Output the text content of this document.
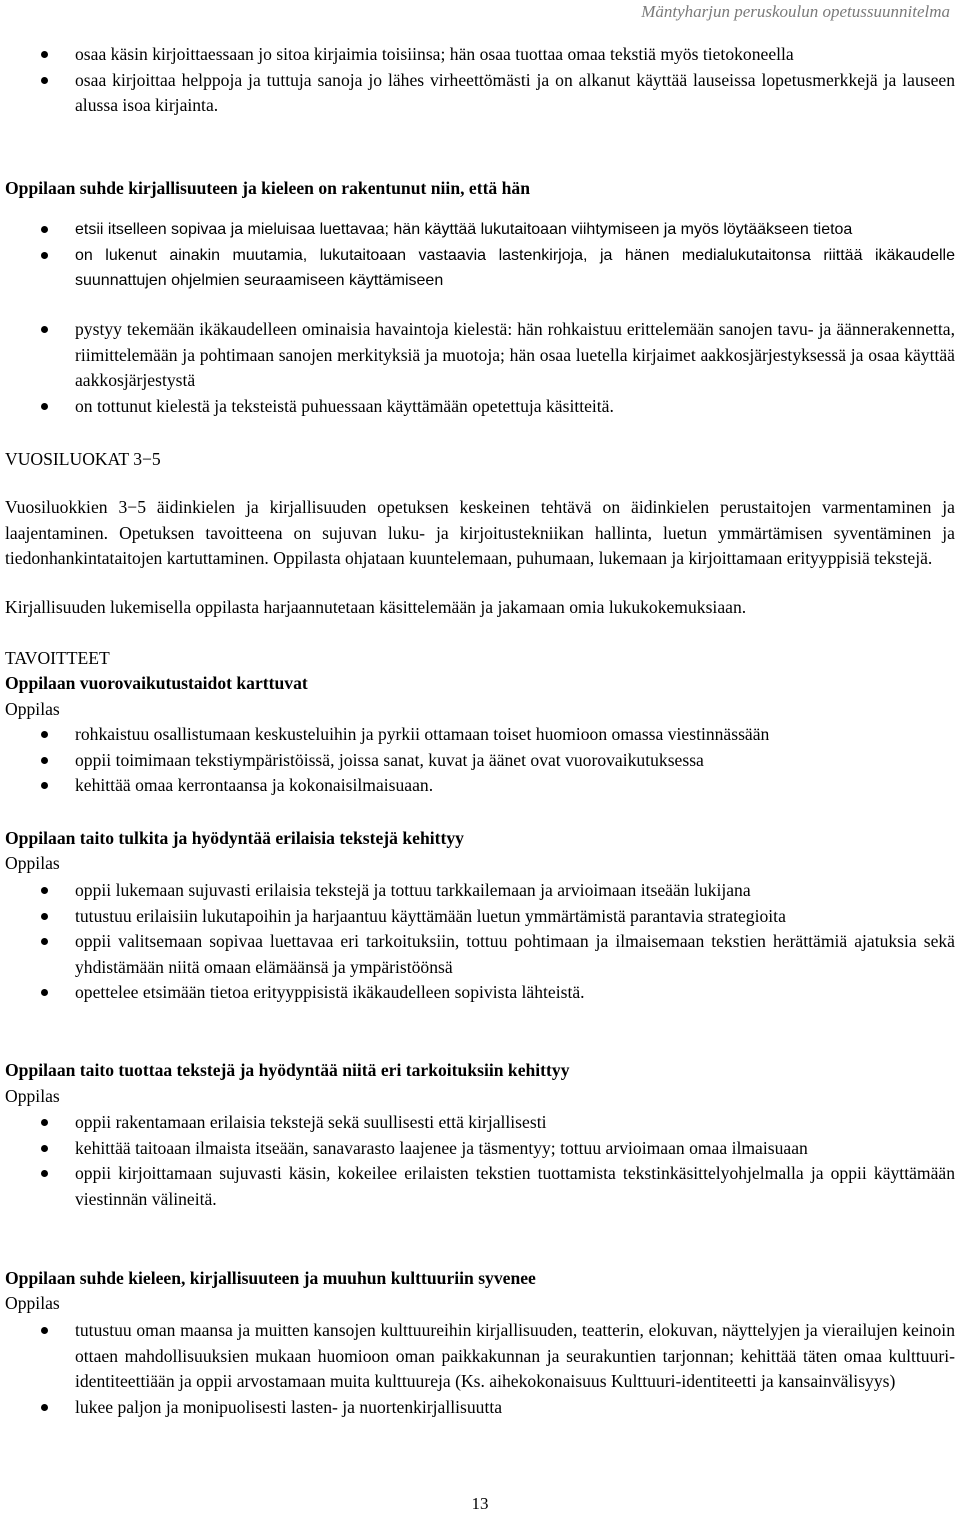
Mäntyharjun peruskoulun opetussuunnitelma
osaa käsin kirjoittaessaan jo sitoa kirjaimia toisiinsa; hän osaa tuottaa omaa tekstiä myös tietokoneella
osaa kirjoittaa helppoja ja tuttuja sanoja jo lähes virheettömästi ja on alkanut käyttää lauseissa lopetusmerkkejä ja lauseen alussa isoa kirjainta.
Oppilaan suhde kirjallisuuteen ja kieleen on rakentunut niin, että hän
etsii itselleen sopivaa ja mieluisaa luettavaa; hän käyttää lukutaitoaan viihtymiseen ja myös löytääkseen tietoa
on lukenut ainakin muutamia, lukutaitoaan vastaavia lastenkirjoja, ja hänen medialukutaitonsa riittää ikäkaudelle suunnattujen ohjelmien seuraamiseen käyttämiseen
pystyy tekemään ikäkaudelleen ominaisia havaintoja kielestä: hän rohkaistuu erittelemään sanojen tavu- ja äännerakennetta, riimittelemään ja pohtimaan sanojen merkityksiä ja muotoja; hän osaa luetella kirjaimet aakkosjärjestyksessä ja osaa käyttää aakkosjärjestystä
on tottunut kielestä ja teksteistä puhuessaan käyttämään opetettuja käsitteitä.
VUOSILUOKAT 3−5
Vuosiluokkien 3−5 äidinkielen ja kirjallisuuden opetuksen keskeinen tehtävä on äidinkielen perustaitojen varmentaminen ja laajentaminen. Opetuksen tavoitteena on sujuvan luku- ja kirjoitustekniikan hallinta, luetun ymmärtämisen syventäminen ja tiedonhankintataitojen kartuttaminen. Oppilasta ohjataan kuuntelemaan, puhumaan, lukemaan ja kirjoittamaan erityyppisiä tekstejä.
Kirjallisuuden lukemisella oppilasta harjaannutetaan käsittelemään ja jakamaan omia lukukokemuksiaan.
TAVOITTEET
Oppilaan vuorovaikutustaidot karttuvat
Oppilas
rohkaistuu osallistumaan keskusteluihin ja pyrkii ottamaan toiset huomioon omassa viestinnässään
oppii toimimaan tekstiympäristöissä, joissa sanat, kuvat ja äänet ovat vuorovaikutuksessa
kehittää omaa kerrontaansa ja kokonaisilmaisuaan.
Oppilaan taito tulkita ja hyödyntää erilaisia tekstejä kehittyy
Oppilas
oppii lukemaan sujuvasti erilaisia tekstejä ja tottuu tarkkailemaan ja arvioimaan itseään lukijana
tutustuu erilaisiin lukutapoihin ja harjaantuu käyttämään luetun ymmärtämistä parantavia strategioita
oppii valitsemaan sopivaa luettavaa eri tarkoituksiin, tottuu pohtimaan ja ilmaisemaan tekstien herättämiä ajatuksia sekä yhdistämään niitä omaan elämäänsä ja ympäristöönsä
opettelee etsimään tietoa erityyppisistä ikäkaudelleen sopivista lähteistä.
Oppilaan taito tuottaa tekstejä ja hyödyntää niitä eri tarkoituksiin kehittyy
Oppilas
oppii rakentamaan erilaisia tekstejä sekä suullisesti että kirjallisesti
kehittää taitoaan ilmaista itseään, sanavarasto laajenee ja täsmentyy; tottuu arvioimaan omaa ilmaisuaan
oppii kirjoittamaan sujuvasti käsin, kokeilee erilaisten tekstien tuottamista tekstinkäsittelyohjelmalla ja oppii käyttämään viestinnän välineitä.
Oppilaan suhde kieleen, kirjallisuuteen ja muuhun kulttuuriin syvenee
Oppilas
tutustuu oman maansa ja muitten kansojen kulttuureihin kirjallisuuden, teatterin, elokuvan, näyttelyjen ja vierailujen keinoin ottaen mahdollisuuksien mukaan huomioon oman paikkakunnan ja seurakuntien tarjonnan; kehittää täten omaa kulttuuri-identiteettiään ja oppii arvostamaan muita kulttuureja (Ks. aihekokonaisuus Kulttuuri-identiteetti ja kansainvälisyys)
lukee paljon ja monipuolisesti lasten- ja nuortenkirjallisuutta
13
